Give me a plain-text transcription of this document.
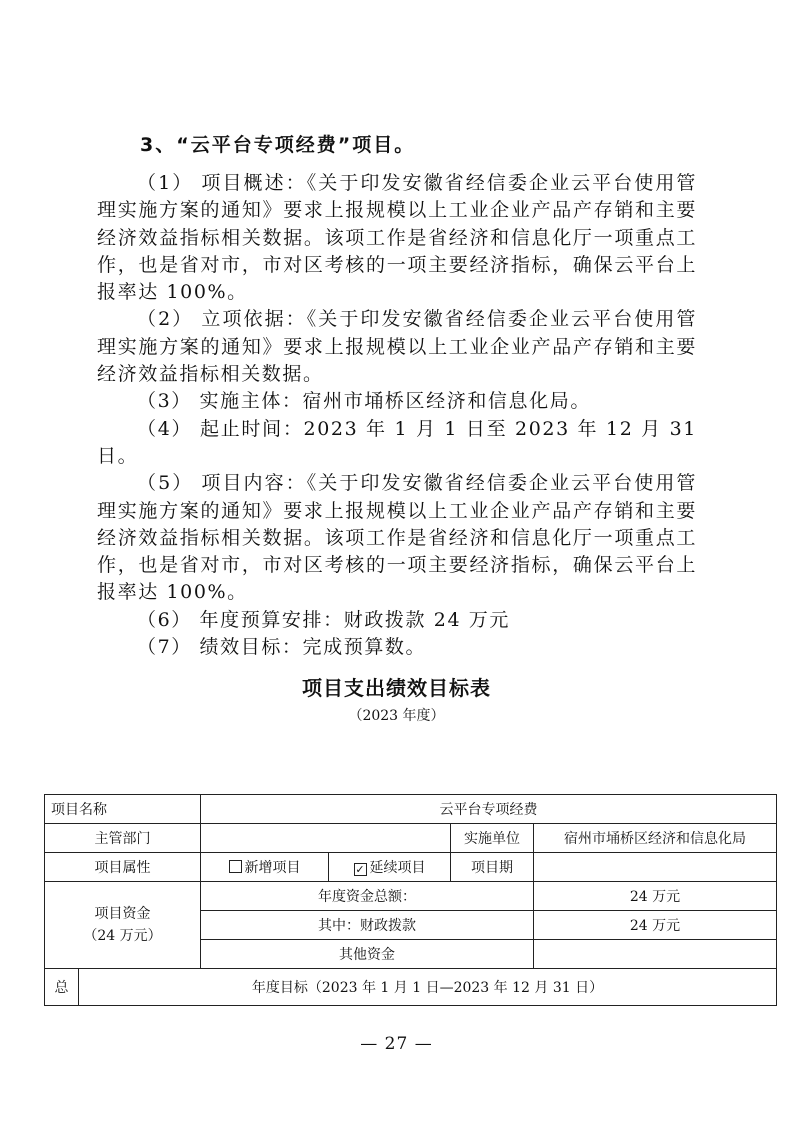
3、“云平台专项经费”项目。

（1） 项目概述：《关于印发安徽省经信委企业云平台使用管理实施方案的通知》要求上报规模以上工业企业产品产存销和主要经济效益指标相关数据。该项工作是省经济和信息化厅一项重点工作，也是省对市，市对区考核的一项主要经济指标，确保云平台上报率达 100%。

（2） 立项依据：《关于印发安徽省经信委企业云平台使用管理实施方案的通知》要求上报规模以上工业企业产品产存销和主要经济效益指标相关数据。

（3） 实施主体：宿州市埇桥区经济和信息化局。

（4） 起止时间：2023 年 1 月 1 日至 2023 年 12 月 31 日。

（5） 项目内容：《关于印发安徽省经信委企业云平台使用管理实施方案的通知》要求上报规模以上工业企业产品产存销和主要经济效益指标相关数据。该项工作是省经济和信息化厅一项重点工作，也是省对市，市对区考核的一项主要经济指标，确保云平台上报率达 100%。

（6） 年度预算安排：财政拨款 24 万元

（7） 绩效目标：完成预算数。

项目支出绩效目标表
（2023 年度）
项目名称		云平台专项经费			
主管部门				实施单位	宿州市埇桥区经济和信息化局
项目属性		新增项目	✓ 延续项目	项目期	

项目资金
（24 万元）		年度资金总额：			24 万元
		其中：财政拨款			24 万元
		其他资金			
总	年度目标（2023 年 1 月 1 日—2023 年 12 月 31 日）				
— 27 —
